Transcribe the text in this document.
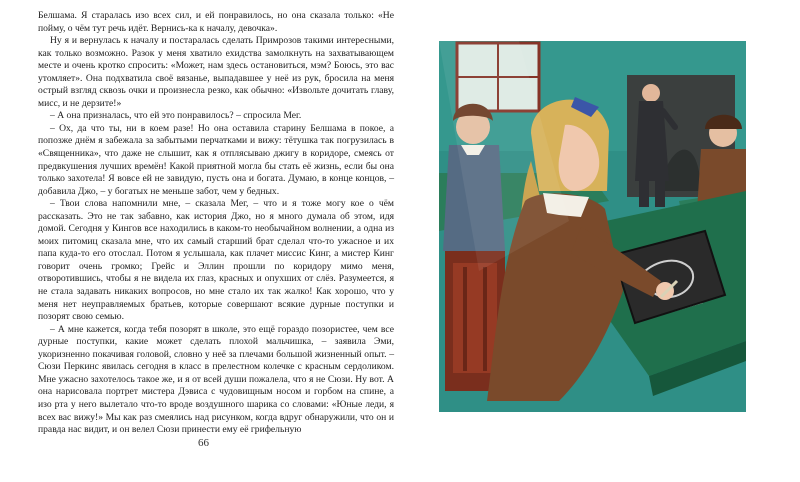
Белшама. Я старалась изо всех сил, и ей понравилось, но она сказала только: «Не пойму, о чём тут речь идёт. Вернись-ка к началу, девочка».

Ну я и вернулась к началу и постаралась сделать Примрозов такими интересными, как только возможно. Разок у меня хватило ехидства замолкнуть на захватывающем месте и очень кротко спросить: «Может, нам здесь остановиться, мэм? Боюсь, это вас утомляет». Она подхватила своё вязанье, выпадавшее у неё из рук, бросила на меня острый взгляд сквозь очки и произнесла резко, как обычно: «Извольте дочитать главу, мисс, и не дерзите!»

– А она призналась, что ей это понравилось? – спросила Мег.

– Ох, да что ты, ни в коем разе! Но она оставила старину Белшама в покое, а попозже днём я забежала за забытыми перчатками и вижу: тётушка так погрузилась в «Священника», что даже не слышит, как я отплясываю джигу в коридоре, смеясь от предвкушения лучших времён! Какой приятной могла бы стать её жизнь, если бы она только захотела! Я вовсе ей не завидую, пусть она и богата. Думаю, в конце концов, – добавила Джо, – у богатых не меньше забот, чем у бедных.

– Твои слова напомнили мне, – сказала Мег, – что и я тоже могу кое о чём рассказать. Это не так забавно, как история Джо, но я много думала об этом, идя домой. Сегодня у Кингов все находились в каком-то необычайном волнении, а одна из моих питомиц сказала мне, что их самый старший брат сделал что-то ужасное и их папа куда-то его отослал. Потом я услышала, как плачет миссис Кинг, а мистер Кинг говорит очень громко; Грейс и Эллин прошли по коридору мимо меня, отворотившись, чтобы я не видела их глаз, красных и опухших от слёз. Разумеется, я не стала задавать никаких вопросов, но мне стало их так жалко! Как хорошо, что у меня нет неуправляемых братьев, которые совершают всякие дурные поступки и позорят свою семью.

– А мне кажется, когда тебя позорят в школе, это ещё гораздо позористее, чем все дурные поступки, какие может сделать плохой мальчишка, – заявила Эми, укоризненно покачивая головой, словно у неё за плечами большой жизненный опыт. – Сюзи Перкинс явилась сегодня в класс в прелестном колечке с красным сердоликом. Мне ужасно захотелось такое же, и я от всей души пожалела, что я не Сюзи. Ну вот. А она нарисовала портрет мистера Дэвиса с чудовищным носом и горбом на спине, а изо рта у него вылетало что-то вроде воздушного шарика со словами: «Юные леди, я всех вас вижу!» Мы как раз смеялись над рисунком, когда вдруг обнаружили, что он и правда нас видит, и он велел Сюзи принести ему её грифельную

66
